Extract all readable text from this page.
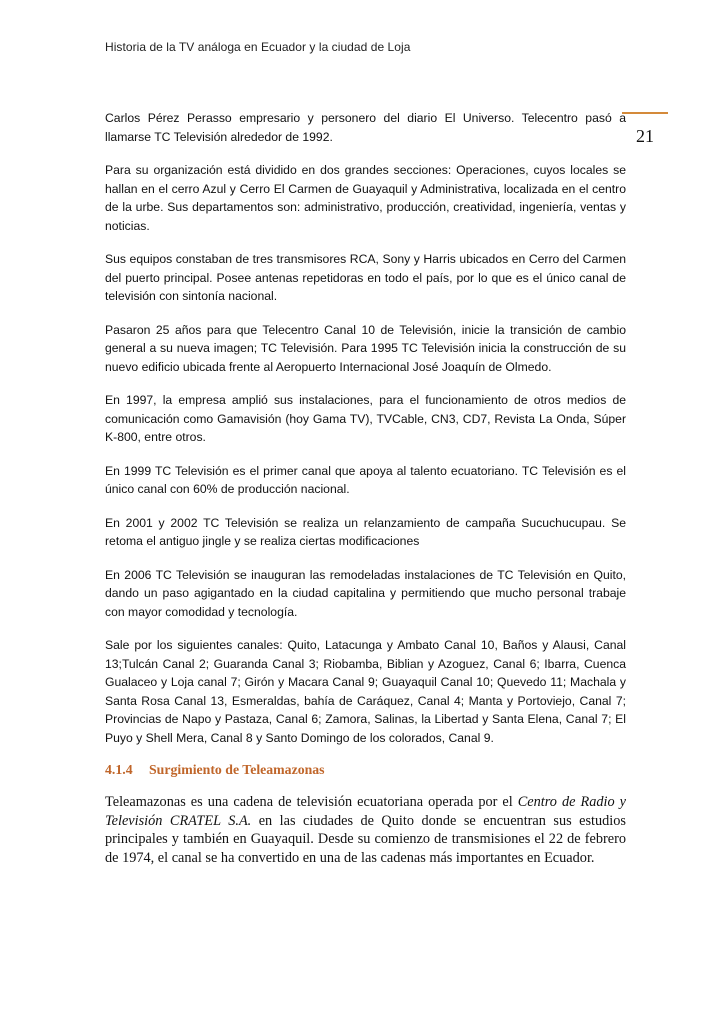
Historia de la TV análoga en Ecuador y la ciudad de Loja
21

Carlos Pérez Perasso empresario y personero del diario El Universo. Telecentro pasó a llamarse TC Televisión alrededor de 1992.

Para su organización está dividido en dos grandes secciones: Operaciones, cuyos locales se hallan en el cerro Azul y Cerro El Carmen de Guayaquil y Administrativa, localizada en el centro de la urbe. Sus departamentos son: administrativo, producción, creatividad, ingeniería, ventas y noticias.

Sus equipos constaban de tres transmisores RCA, Sony y Harris ubicados en Cerro del Carmen del puerto principal. Posee antenas repetidoras en todo el país, por lo que es el único canal de televisión con sintonía nacional.

Pasaron 25 años para que Telecentro Canal 10 de Televisión, inicie la transición de cambio general a su nueva imagen; TC Televisión. Para 1995 TC Televisión inicia la construcción de su nuevo edificio ubicada frente al Aeropuerto Internacional José Joaquín de Olmedo.

En 1997, la empresa amplió sus instalaciones, para el funcionamiento de otros medios de comunicación como Gamavisión (hoy Gama TV), TVCable, CN3, CD7, Revista La Onda, Súper K-800, entre otros.

En 1999 TC Televisión es el primer canal que apoya al talento ecuatoriano. TC Televisión es el único canal con 60% de producción nacional.

En 2001 y 2002 TC Televisión se realiza un relanzamiento de campaña Sucuchucupau. Se retoma el antiguo jingle y se realiza ciertas modificaciones

En 2006 TC Televisión se inauguran las remodeladas instalaciones de TC Televisión en Quito, dando un paso agigantado en la ciudad capitalina y permitiendo que mucho personal trabaje con mayor comodidad y tecnología.

Sale por los siguientes canales: Quito, Latacunga y Ambato Canal 10, Baños y Alausi, Canal 13;Tulcán Canal 2; Guaranda Canal 3; Riobamba, Biblian y Azoguez, Canal 6; Ibarra, Cuenca Gualaceo y Loja canal 7; Girón y Macara Canal 9; Guayaquil Canal 10; Quevedo 11; Machala y Santa Rosa Canal 13, Esmeraldas, bahía de Caráquez, Canal 4; Manta y Portoviejo, Canal 7; Provincias de Napo y Pastaza, Canal 6; Zamora, Salinas, la Libertad y Santa Elena, Canal 7; El Puyo y Shell Mera, Canal 8 y Santo Domingo de los colorados, Canal 9.

4.1.4 Surgimiento de Teleamazonas

Teleamazonas es una cadena de televisión ecuatoriana operada por el Centro de Radio y Televisión CRATEL S.A. en las ciudades de Quito donde se encuentran sus estudios principales y también en Guayaquil. Desde su comienzo de transmisiones el 22 de febrero de 1974, el canal se ha convertido en una de las cadenas más importantes en Ecuador.
